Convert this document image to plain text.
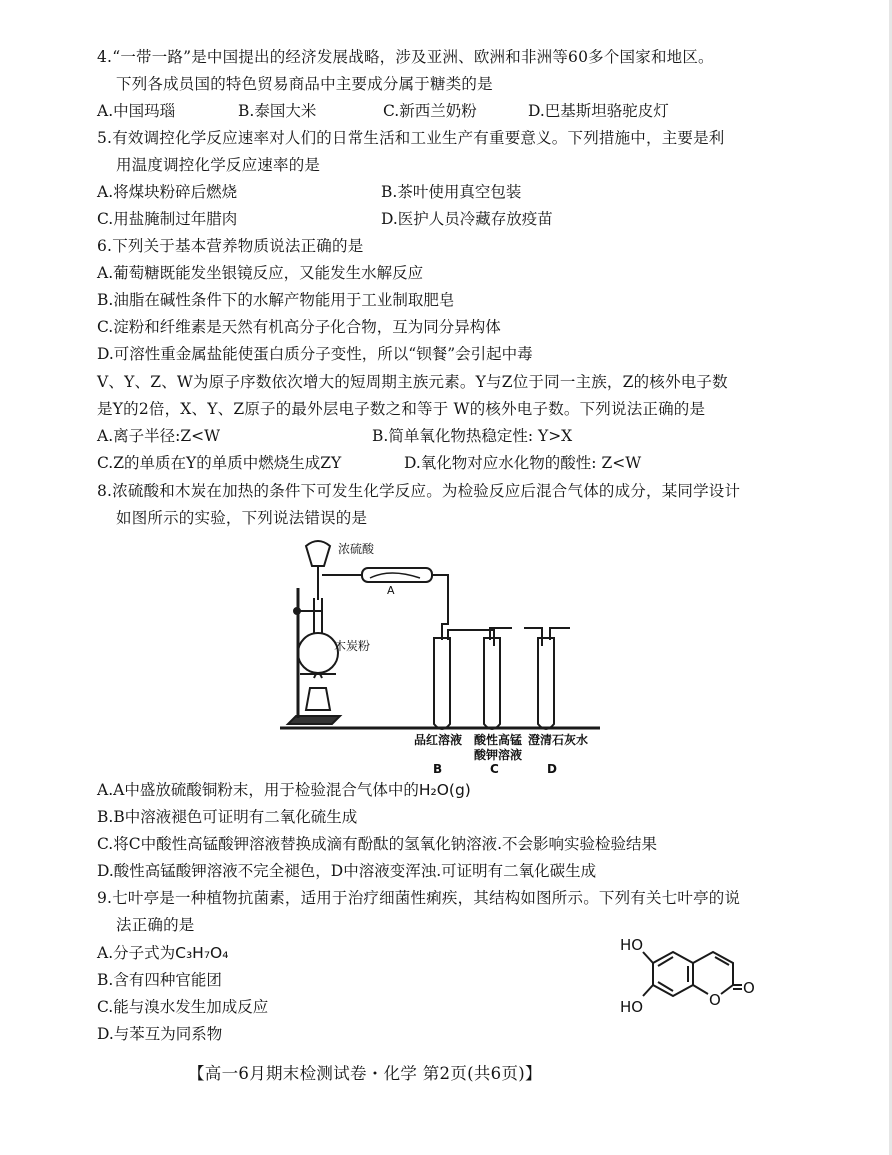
4.“一带一路”是中国提出的经济发展战略，涉及亚洲、欧洲和非洲等60多个国家和地区。
下列各成员国的特色贸易商品中主要成分属于糖类的是
A.中国玛瑙	B.泰国大米	C.新西兰奶粉	D.巴基斯坦骆驼皮灯
5.有效调控化学反应速率对人们的日常生活和工业生产有重要意义。下列措施中，主要是利
用温度调控化学反应速率的是
A.将煤块粉碎后燃烧	B.茶叶使用真空包装
C.用盐腌制过年腊肉	D.医护人员冷藏存放疫苗
6.下列关于基本营养物质说法正确的是
A.葡萄糖既能发坐银镜反应，又能发生水解反应
B.油脂在碱性条件下的水解产物能用于工业制取肥皂
C.淀粉和纤维素是天然有机高分子化合物，互为同分异构体
D.可溶性重金属盐能使蛋白质分子变性，所以“钡餐”会引起中毒
V、Y、Z、W为原子序数依次增大的短周期主族元素。Y与Z位于同一主族，Z的核外电子数
是Y的2倍，X、Y、Z原子的最外层电子数之和等于 W的核外电子数。下列说法正确的是
A.离子半径:Z<W	B.简单氧化物热稳定性: Y>X
C.Z的单质在Y的单质中燃烧生成ZY	D.氧化物对应水化物的酸性: Z<W
8.浓硫酸和木炭在加热的条件下可发生化学反应。为检验反应后混合气体的成分，某同学设计
如图所示的实验，下列说法错误的是
浓硫酸
木炭粉
A
品红溶液 酸性高锰
酸钾溶液
澄清石灰水
B	C	D
A.A中盛放硫酸铜粉末，用于检验混合气体中的H₂O(g)
B.B中溶液褪色可证明有二氧化硫生成
C.将C中酸性高锰酸钾溶液替换成滴有酚酞的氢氧化钠溶液.不会影响实验检验结果
D.酸性高锰酸钾溶液不完全褪色，D中溶液变浑浊.可证明有二氧化碳生成
9.七叶亭是一种植物抗菌素，适用于治疗细菌性痢疾，其结构如图所示。下列有关七叶亭的说
法正确的是
A.分子式为C₃H₇O₄
B.含有四种官能团
C.能与溴水发生加成反应
D.与苯互为同系物
HO
HO	O
O
【高一6月期末检测试卷・化学 第2页(共6页)】
